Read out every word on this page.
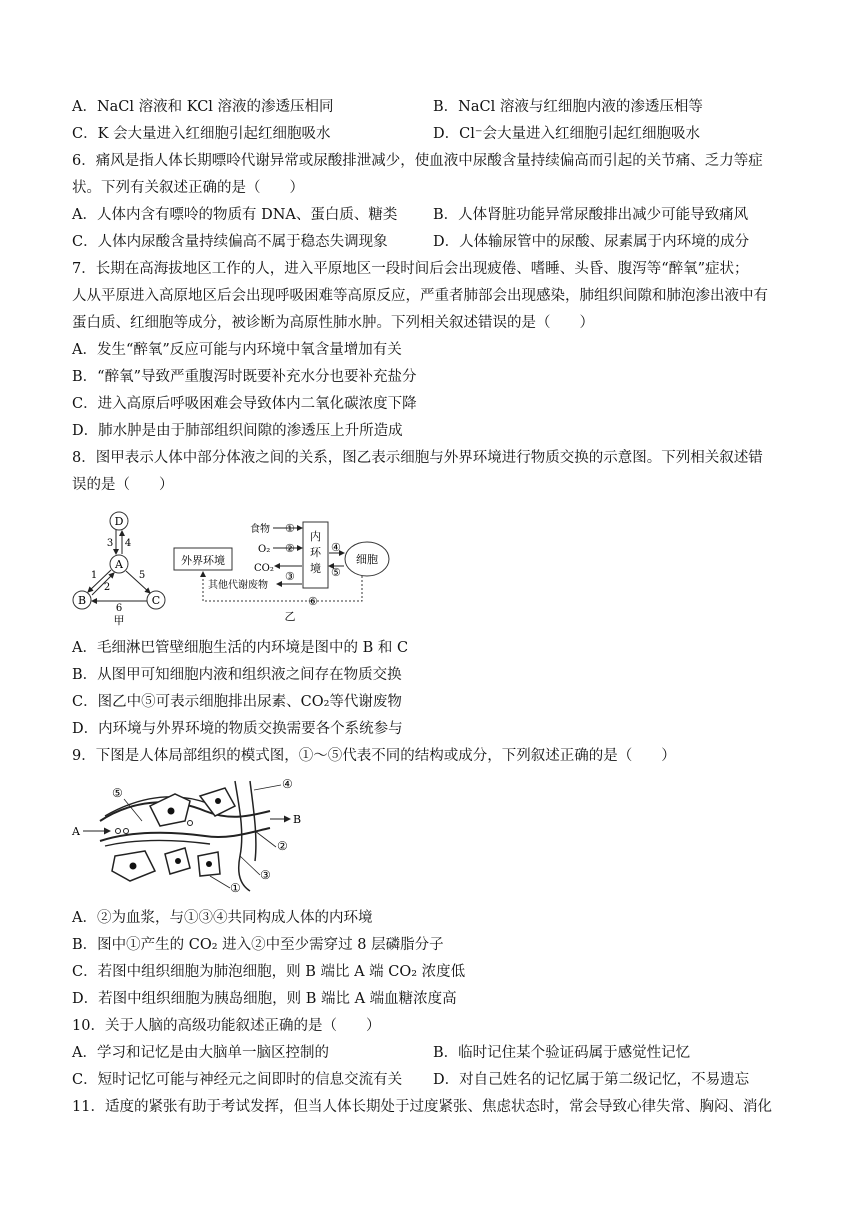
A．NaCl 溶液和 KCl 溶液的渗透压相同	B．NaCl 溶液与红细胞内液的渗透压相等
C．K 会大量进入红细胞引起红细胞吸水	D．Cl⁻会大量进入红细胞引起红细胞吸水
6．痛风是指人体长期嘌呤代谢异常或尿酸排泄减少，使血液中尿酸含量持续偏高而引起的关节痛、乏力等症
状。下列有关叙述正确的是（　　）
A．人体内含有嘌呤的物质有 DNA、蛋白质、糖类	B．人体肾脏功能异常尿酸排出减少可能导致痛风
C．人体内尿酸含量持续偏高不属于稳态失调现象	D．人体输尿管中的尿酸、尿素属于内环境的成分
7．长期在高海拔地区工作的人，进入平原地区一段时间后会出现疲倦、嗜睡、头昏、腹泻等“醉氧”症状；
人从平原进入高原地区后会出现呼吸困难等高原反应，严重者肺部会出现感染，肺组织间隙和肺泡渗出液中有
蛋白质、红细胞等成分，被诊断为高原性肺水肿。下列相关叙述错误的是（　　）
A．发生“醉氧”反应可能与内环境中氧含量增加有关
B．“醉氧”导致严重腹泻时既要补充水分也要补充盐分
C．进入高原后呼吸困难会导致体内二氧化碳浓度下降
D．肺水肿是由于肺部组织间隙的渗透压上升所造成
8．图甲表示人体中部分体液之间的关系，图乙表示细胞与外界环境进行物质交换的示意图。下列相关叙述错
误的是（　　）
D
A
B	C
3 4
1
2
5
6
甲
外界环境
内
环
境
细胞
食物 ①
O₂ ②
CO₂
③
其他代谢废物
④
⑤
⑥
乙
A．毛细淋巴管壁细胞生活的内环境是图中的 B 和 C
B．从图甲可知细胞内液和组织液之间存在物质交换
C．图乙中⑤可表示细胞排出尿素、CO₂等代谢废物
D．内环境与外界环境的物质交换需要各个系统参与
9．下图是人体局部组织的模式图，①～⑤代表不同的结构或成分，下列叙述正确的是（　　）
A
B
⑤
④
②
③
①
A．②为血浆，与①③④共同构成人体的内环境
B．图中①产生的 CO₂ 进入②中至少需穿过 8 层磷脂分子
C．若图中组织细胞为肺泡细胞，则 B 端比 A 端 CO₂ 浓度低
D．若图中组织细胞为胰岛细胞，则 B 端比 A 端血糖浓度高
10．关于人脑的高级功能叙述正确的是（　　）
A．学习和记忆是由大脑单一脑区控制的	B．临时记住某个验证码属于感觉性记忆
C．短时记忆可能与神经元之间即时的信息交流有关	D．对自己姓名的记忆属于第二级记忆，不易遗忘
11．适度的紧张有助于考试发挥，但当人体长期处于过度紧张、焦虑状态时，常会导致心律失常、胸闷、消化
